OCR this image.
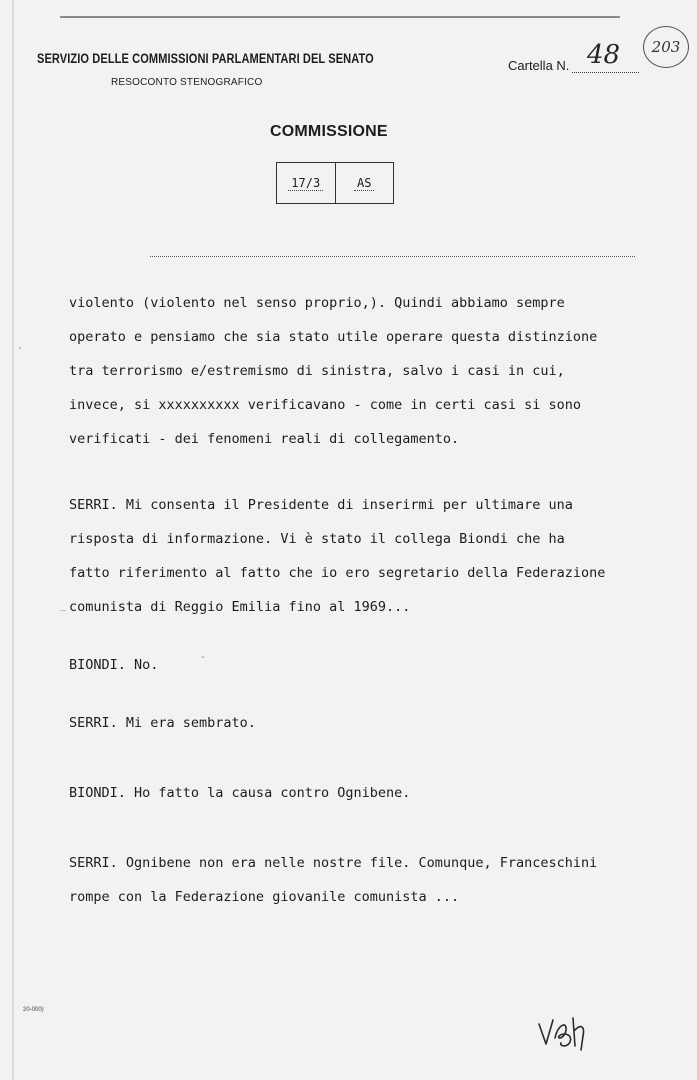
SERVIZIO DELLE COMMISSIONI PARLAMENTARI DEL SENATO
RESOCONTO STENOGRAFICO
Cartella N. 48	203
COMMISSIONE
17/3	AS

violento (violento nel senso proprio,). Quindi abbiamo sempre

operato e pensiamo che sia stato utile operare questa distinzione

tra terrorismo e/estremismo di sinistra, salvo i casi in cui,

invece, si xxxxxxxxxx verificavano - come in certi casi si sono

verificati - dei fenomeni reali di collegamento.

SERRI. Mi consenta il Presidente di inserirmi per ultimare una

risposta di informazione. Vi è stato il collega Biondi che ha

fatto riferimento al fatto che io ero segretario della Federazione

comunista di Reggio Emilia fino al 1969...

BIONDI. No.

SERRI. Mi era sembrato.

BIONDI. Ho fatto la causa contro Ognibene.

SERRI. Ognibene non era nelle nostre file. Comunque, Franceschini

rompe con la Federazione giovanile comunista ...

20-000)
·
‾
-
